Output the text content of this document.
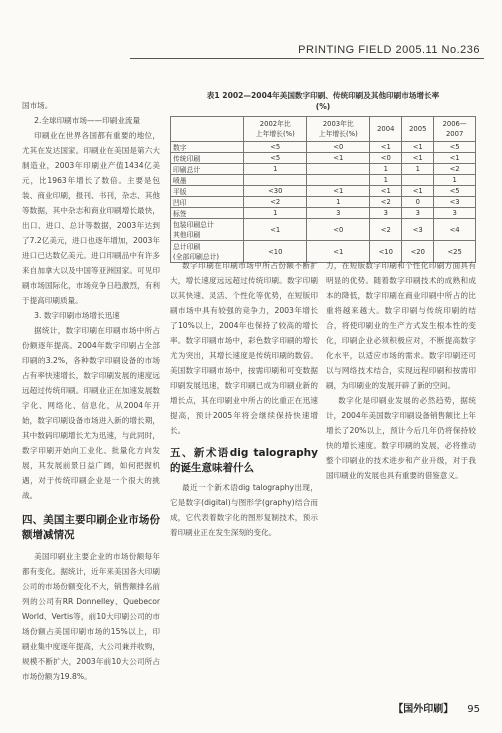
PRINTING FIELD 2005.11 No.236

国市场。

2.全球印刷市场——印刷业流量

印刷业在世界各国都有重要的地位，尤其在发达国家。印刷业在美国是第六大制造业，2003年印刷业产值1434亿美元，比1963年增长了数倍。主要是包装、商业印刷，报刊、书刊，杂志、其他等数据，其中杂志和商业印刷增长最快，出口、进口、总计等数据，2003年达到了7.2亿美元，进口也逐年增加，2003年进口已达数亿美元。进口印刷品中有许多来自加拿大以及中国等亚洲国家。可见印刷市场国际化，市场竞争日趋激烈，有利于提高印刷质量。

3. 数字印刷市场增长迅速

据统计，数字印刷在印刷市场中所占份额逐年提高。2004年数字印刷占全部印刷的3.2%，各种数字印刷设备的市场占有率快速增长，数字印刷发展的速度远远超过传统印刷。印刷业正在加速发展数字化、网络化、信息化，从2004年开始，数字印刷设备市场进入新的增长期，其中数码印刷增长尤为迅速，与此同时，数字印刷开始向工业化、批量化方向发展，其发展前景日益广阔，如何把握机遇，对于传统印刷企业是一个很大的挑战。

四、美国主要印刷企业市场份额增减情况

美国印刷业主要企业的市场份额每年都有变化。据统计，近年来美国各大印刷公司的市场份额变化不大，销售额排名前列的公司有RR Donnelley、Quebecor World、Vertis等，前10大印刷公司的市场份额占美国印刷市场的15%以上，印刷业集中度逐年提高，大公司兼并收购，规模不断扩大，2003年前10大公司所占市场份额为19.8%。

表1 2002—2004年美国数字印刷、传统印刷及其他印刷市场增长率
(%)
	2002年比
上年增长(%)	2003年比
上年增长(%)	2004	2005	2006—
2007
数字	<5	<0	<1	<1	<5
传统印刷	<5	<1	<0	<1	<1
印刷总计	1		1	1	<2
喷墨			1		1
平版	<30	<1	<1	<1	<5
凹印	<2	1	<2	0	<3
标签	1	3	3	3	3
包装印刷总计
其他印刷	<1	<0	<2	<3	<4
总计印刷
(全部印刷总计)	<10	<1	<10	<20	<25

数字印刷在印刷市场中所占份额不断扩大，增长速度远远超过传统印刷。数字印刷以其快速、灵活、个性化等优势，在短版印刷市场中具有较强的竞争力，2003年增长了10%以上，2004年也保持了较高的增长率。数字印刷市场中，彩色数字印刷的增长尤为突出，其增长速度是传统印刷的数倍。美国数字印刷市场中，按需印刷和可变数据印刷发展迅速，数字印刷已成为印刷业新的增长点，其在印刷业中所占的比重正在迅速提高，预计2005年将会继续保持快速增长。

五、新术语dig talography的诞生意味着什么

最近一个新术语dig talography出现，它是数字(digital)与图形学(graphy)结合而成，它代表着数字化的图形复制技术，预示着印刷业正在发生深刻的变化。

力，在短版数字印刷和个性化印刷方面具有明显的优势。随着数字印刷技术的成熟和成本的降低，数字印刷在商业印刷中所占的比重将越来越大。数字印刷与传统印刷的结合，将使印刷业的生产方式发生根本性的变化，印刷企业必须积极应对，不断提高数字化水平，以适应市场的需求。数字印刷还可以与网络技术结合，实现远程印刷和按需印刷，为印刷业的发展开辟了新的空间。

数字化是印刷业发展的必然趋势，据统计，2004年美国数字印刷设备销售额比上年增长了20%以上，预计今后几年仍将保持较快的增长速度。数字印刷的发展，必将推动整个印刷业的技术进步和产业升级，对于我国印刷业的发展也具有重要的借鉴意义。

【国外印刷】 95
